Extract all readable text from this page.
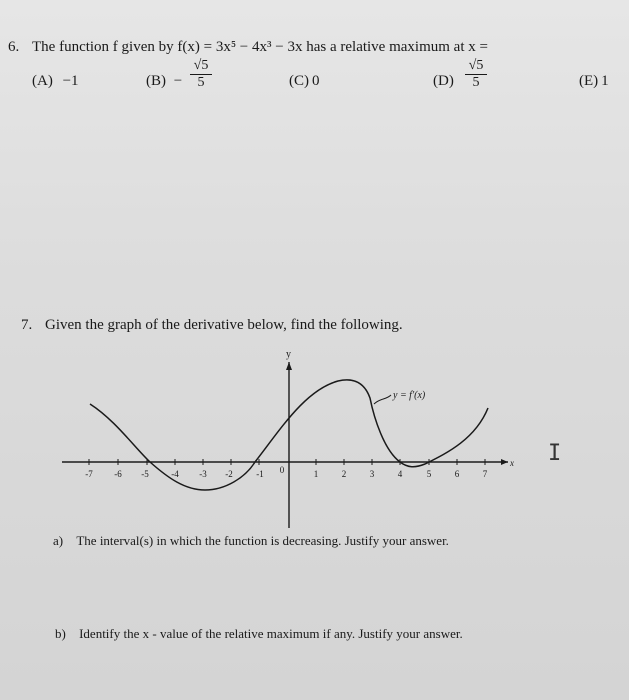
6. The function f given by f(x) = 3x⁵ − 4x³ − 3x has a relative maximum at x =
(A) −1	$(B) - \frac{√5}{5}$	(C) 0	$(D) \frac{√5}{5}$	(E) 1
7. Given the graph of the derivative below, find the following.
y
x
-7 -6 -5	-4 -3 -2	-1 0	1	2	3	4	5	6	7
y = f′(x)
a) The interval(s) in which the function is decreasing. Justify your answer.
b) Identify the x - value of the relative maximum if any. Justify your answer.
I
